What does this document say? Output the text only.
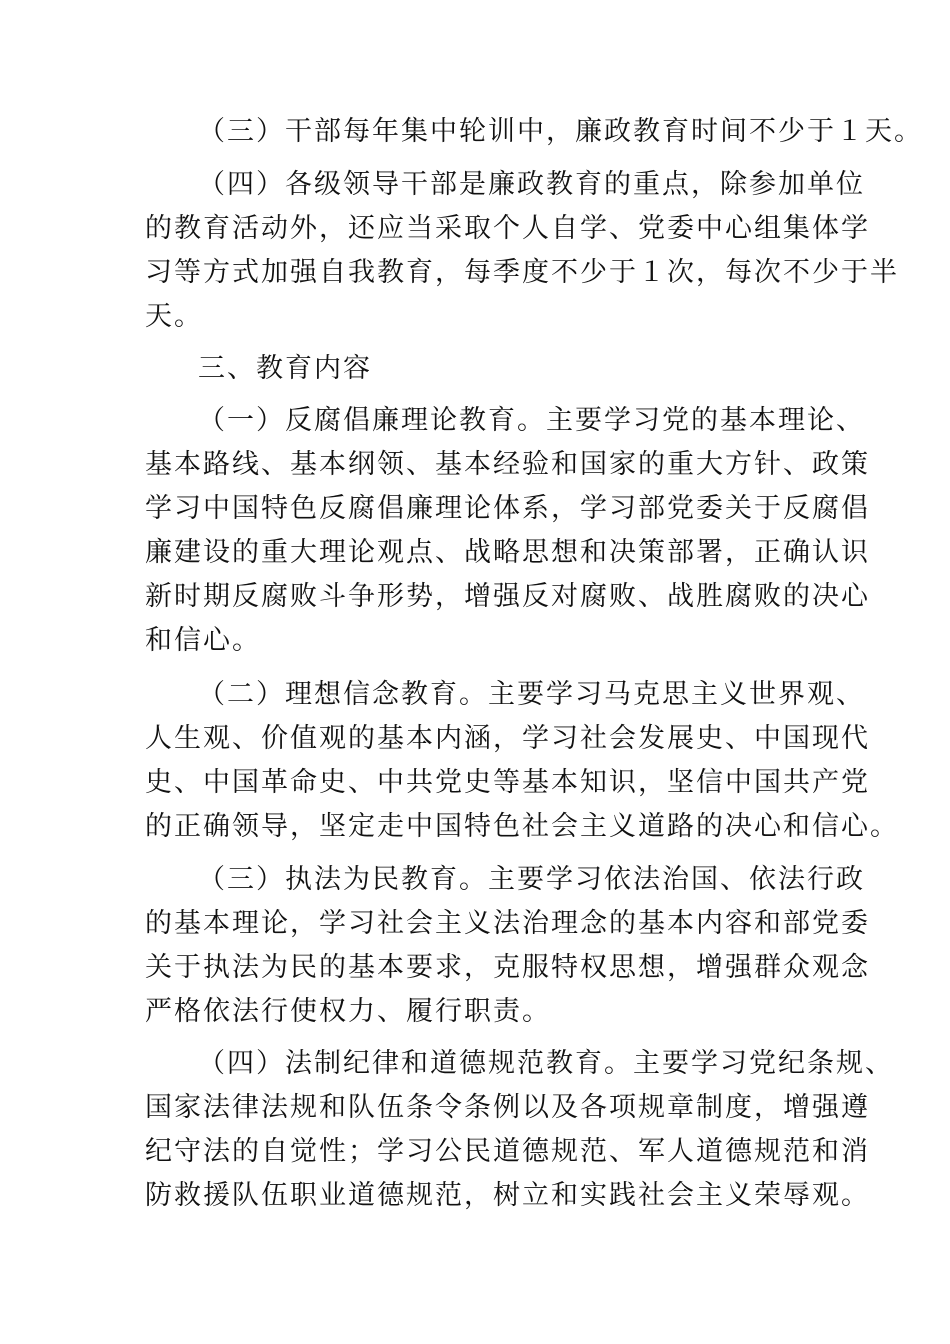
（三）干部每年集中轮训中，廉政教育时间不少于１天。
（四）各级领导干部是廉政教育的重点，除参加单位
的教育活动外，还应当采取个人自学、党委中心组集体学
习等方式加强自我教育，每季度不少于１次，每次不少于半
天。
三、教育内容
（一）反腐倡廉理论教育。主要学习党的基本理论、
基本路线、基本纲领、基本经验和国家的重大方针、政策
学习中国特色反腐倡廉理论体系，学习部党委关于反腐倡
廉建设的重大理论观点、战略思想和决策部署，正确认识
新时期反腐败斗争形势，增强反对腐败、战胜腐败的决心
和信心。
（二）理想信念教育。主要学习马克思主义世界观、
人生观、价值观的基本内涵，学习社会发展史、中国现代
史、中国革命史、中共党史等基本知识，坚信中国共产党
的正确领导，坚定走中国特色社会主义道路的决心和信心。
（三）执法为民教育。主要学习依法治国、依法行政
的基本理论，学习社会主义法治理念的基本内容和部党委
关于执法为民的基本要求，克服特权思想，增强群众观念
严格依法行使权力、履行职责。
（四）法制纪律和道德规范教育。主要学习党纪条规、
国家法律法规和队伍条令条例以及各项规章制度，增强遵
纪守法的自觉性；学习公民道德规范、军人道德规范和消
防救援队伍职业道德规范，树立和实践社会主义荣辱观。
